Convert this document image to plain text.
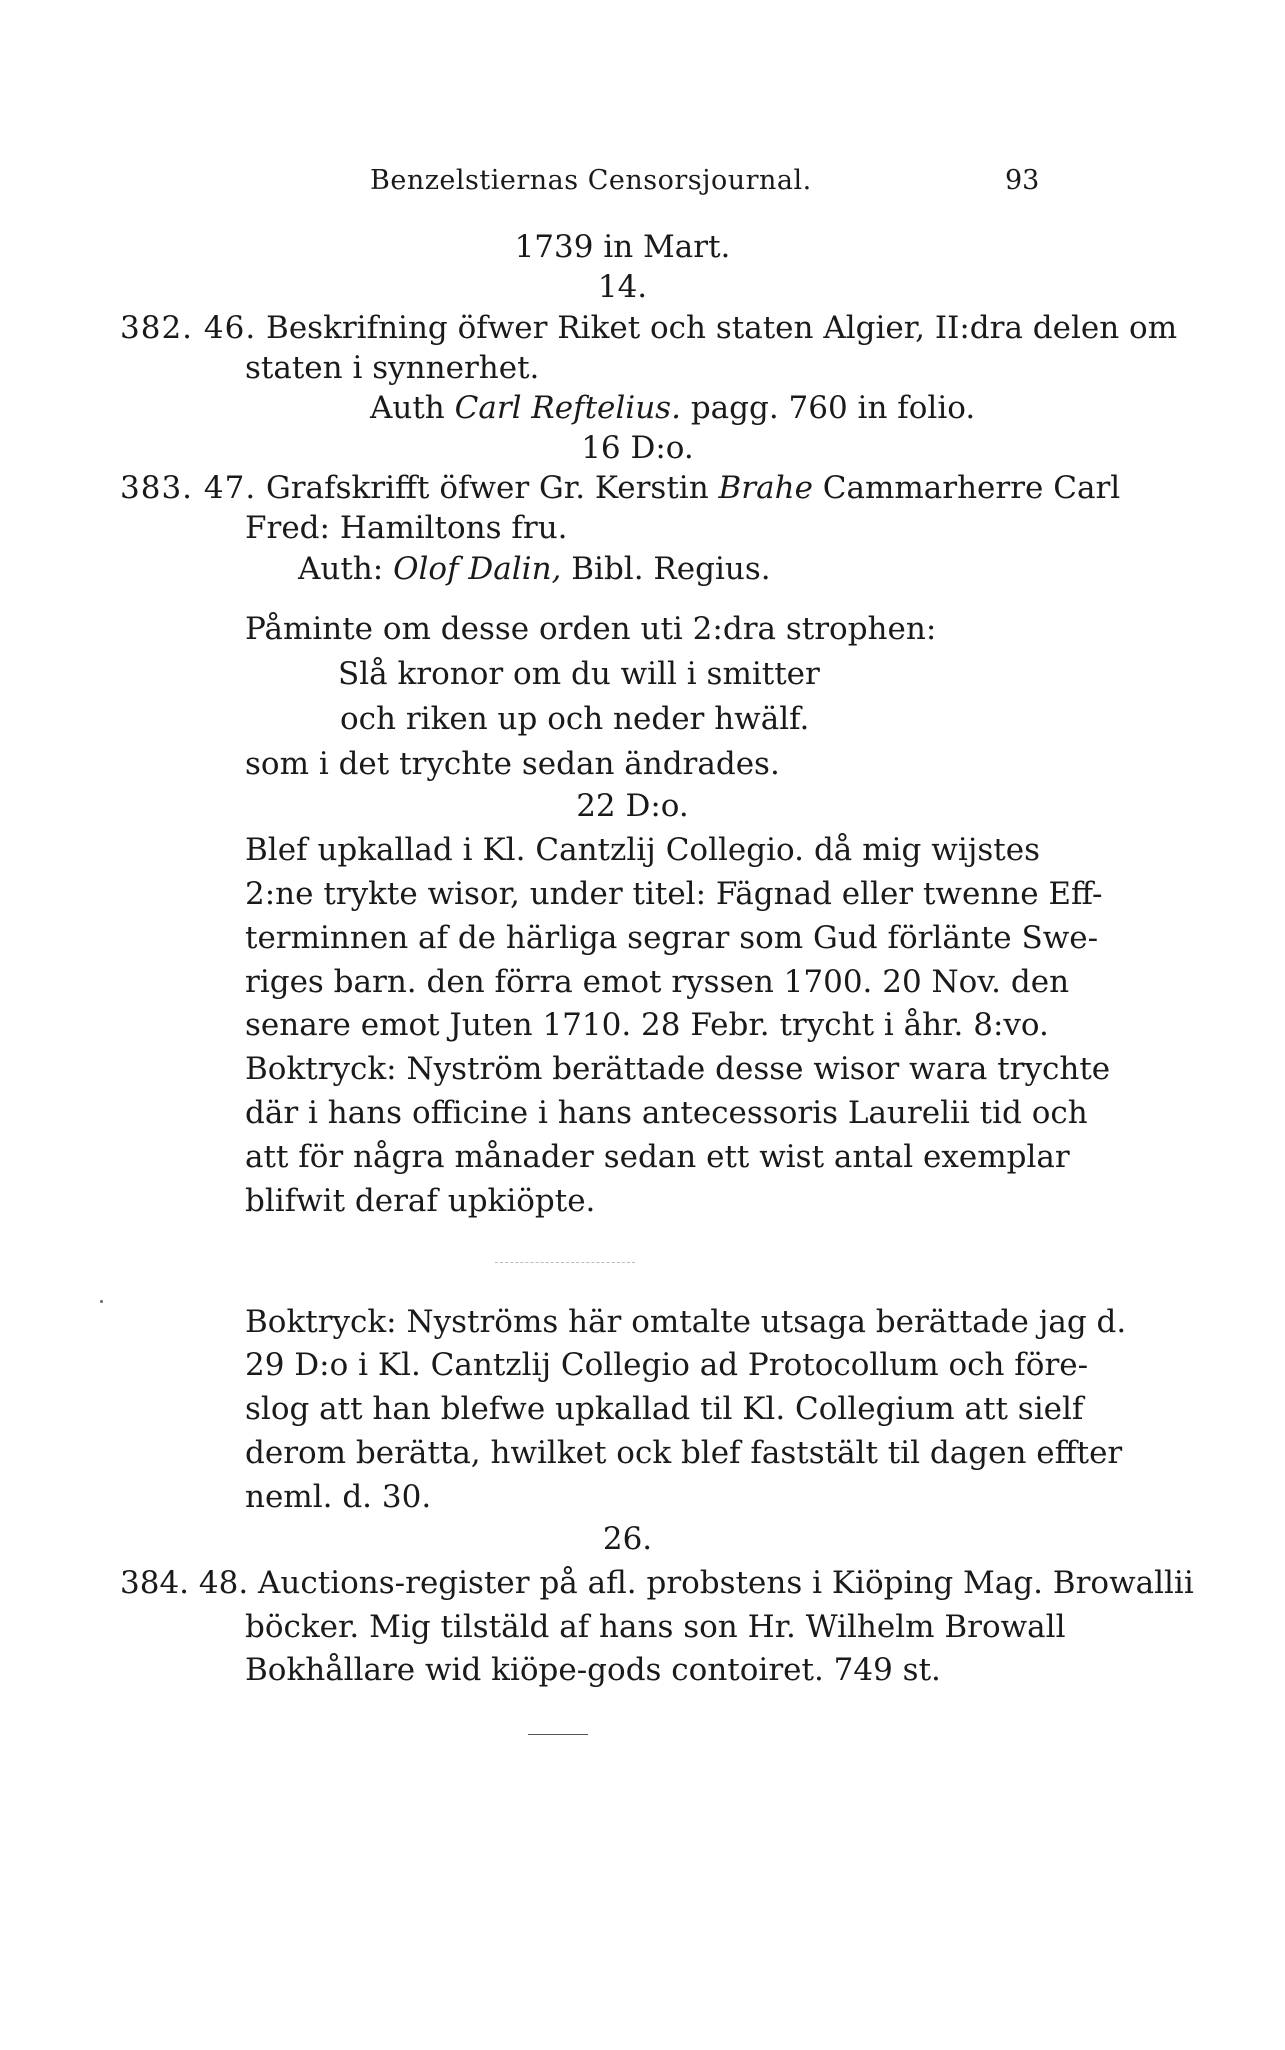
Benzelstiernas Censorsjournal.	93
1739 in Mart.
14.
382. 46. Beskrifning öfwer Riket och staten Algier, II:dra delen om
staten i synnerhet.
Auth Carl Reftelius. pagg. 760 in folio.
16 D:o.
383. 47. Grafskrifft öfwer Gr. Kerstin Brahe Cammarherre Carl
Fred: Hamiltons fru.
Auth: Olof Dalin, Bibl. Regius.
Påminte om desse orden uti 2:dra strophen:
Slå kronor om du will i smitter
och riken up och neder hwälf.
som i det trychte sedan ändrades.
22 D:o.
Blef upkallad i Kl. Cantzlij Collegio. då mig wijstes
2:ne trykte wisor, under titel: Fägnad eller twenne Eff-
terminnen af de härliga segrar som Gud förlänte Swe-
riges barn. den förra emot ryssen 1700. 20 Nov. den
senare emot Juten 1710. 28 Febr. trycht i åhr. 8:vo.
Boktryck: Nyström berättade desse wisor wara trychte
där i hans officine i hans antecessoris Laurelii tid och
att för några månader sedan ett wist antal exemplar
blifwit deraf upkiöpte.
Boktryck: Nyströms här omtalte utsaga berättade jag d.
29 D:o i Kl. Cantzlij Collegio ad Protocollum och före-
slog att han blefwe upkallad til Kl. Collegium att sielf
derom berätta, hwilket ock blef faststält til dagen effter
neml. d. 30.
26.
384. 48. Auctions-register på afl. probstens i Kiöping Mag. Browallii
böcker. Mig tilstäld af hans son Hr. Wilhelm Browall
Bokhållare wid kiöpe-gods contoiret. 749 st.
